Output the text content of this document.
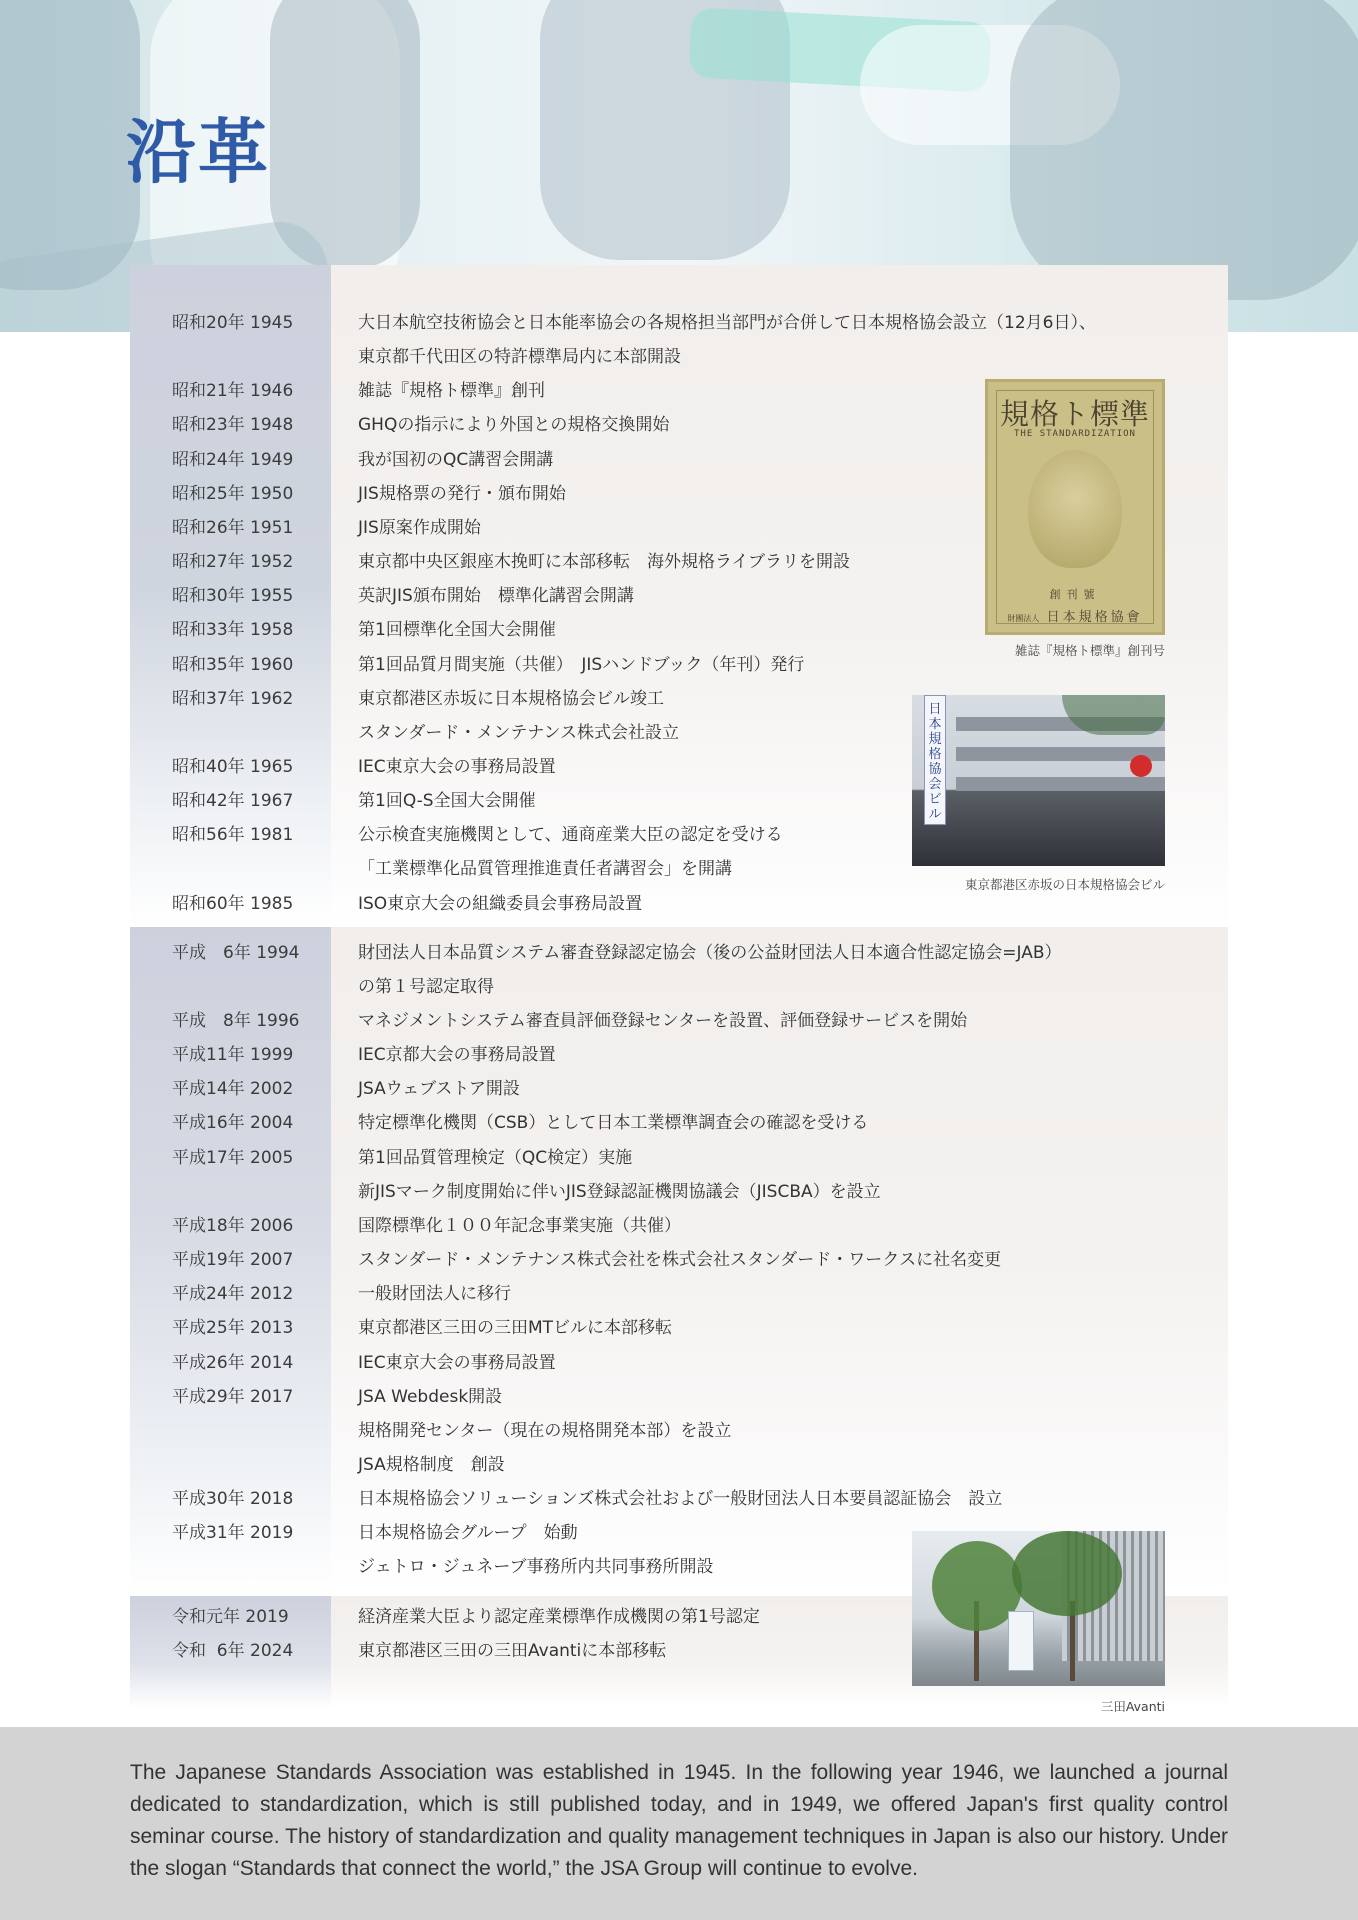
沿革
昭和20年 1945	大日本航空技術協会と日本能率協会の各規格担当部門が合併して日本規格協会設立（12月6日）、
東京都千代田区の特許標準局内に本部開設
昭和21年 1946	雑誌『規格ト標準』創刊
昭和23年 1948	GHQの指示により外国との規格交換開始
昭和24年 1949	我が国初のQC講習会開講
昭和25年 1950	JIS規格票の発行・頒布開始
昭和26年 1951	JIS原案作成開始
昭和27年 1952	東京都中央区銀座木挽町に本部移転　海外規格ライブラリを開設
昭和30年 1955	英訳JIS頒布開始　標準化講習会開講
昭和33年 1958	第1回標準化全国大会開催
昭和35年 1960	第1回品質月間実施（共催）　JISハンドブック（年刊）発行
昭和37年 1962	東京都港区赤坂に日本規格協会ビル竣工
スタンダード・メンテナンス株式会社設立
昭和40年 1965	IEC東京大会の事務局設置
昭和42年 1967	第1回Q-S全国大会開催
昭和56年 1981	公示検査実施機関として、通商産業大臣の認定を受ける
「工業標準化品質管理推進責任者講習会」を開講
昭和60年 1985	ISO東京大会の組織委員会事務局設置
平成　6年 1994	財団法人日本品質システム審査登録認定協会（後の公益財団法人日本適合性認定協会=JAB）
の第１号認定取得
平成　8年 1996	マネジメントシステム審査員評価登録センターを設置、評価登録サービスを開始
平成11年 1999	IEC京都大会の事務局設置
平成14年 2002	JSAウェブストア開設
平成16年 2004	特定標準化機関（CSB）として日本工業標準調査会の確認を受ける
平成17年 2005	第1回品質管理検定（QC検定）実施
新JISマーク制度開始に伴いJIS登録認証機関協議会（JISCBA）を設立
平成18年 2006	国際標準化１００年記念事業実施（共催）
平成19年 2007	スタンダード・メンテナンス株式会社を株式会社スタンダード・ワークスに社名変更
平成24年 2012	一般財団法人に移行
平成25年 2013	東京都港区三田の三田MTビルに本部移転
平成26年 2014	IEC東京大会の事務局設置
平成29年 2017	JSA Webdesk開設
規格開発センター（現在の規格開発本部）を設立
JSA規格制度　創設
平成30年 2018	日本規格協会ソリューションズ株式会社および一般財団法人日本要員認証協会　設立
平成31年 2019	日本規格協会グループ　始動
ジェトロ・ジュネーブ事務所内共同事務所開設
令和元年 2019	経済産業大臣より認定産業標準作成機関の第1号認定
令和  6年 2024	東京都港区三田の三田Avantiに本部移転
規格ト標準
THE STANDARDIZATION
創刊號
財團法人 日本規格協會
雑誌『規格ト標準』創刊号
日本規格協会ビル
東京都港区赤坂の日本規格協会ビル
三田Avanti

The Japanese Standards Association was established in 1945. In the following year 1946, we launched a journal dedicated to standardization, which is still published today, and in 1949, we offered Japan's first quality control seminar course. The history of standardization and quality management techniques in Japan is also our history. Under the slogan “Standards that connect the world,” the JSA Group will continue to evolve.
